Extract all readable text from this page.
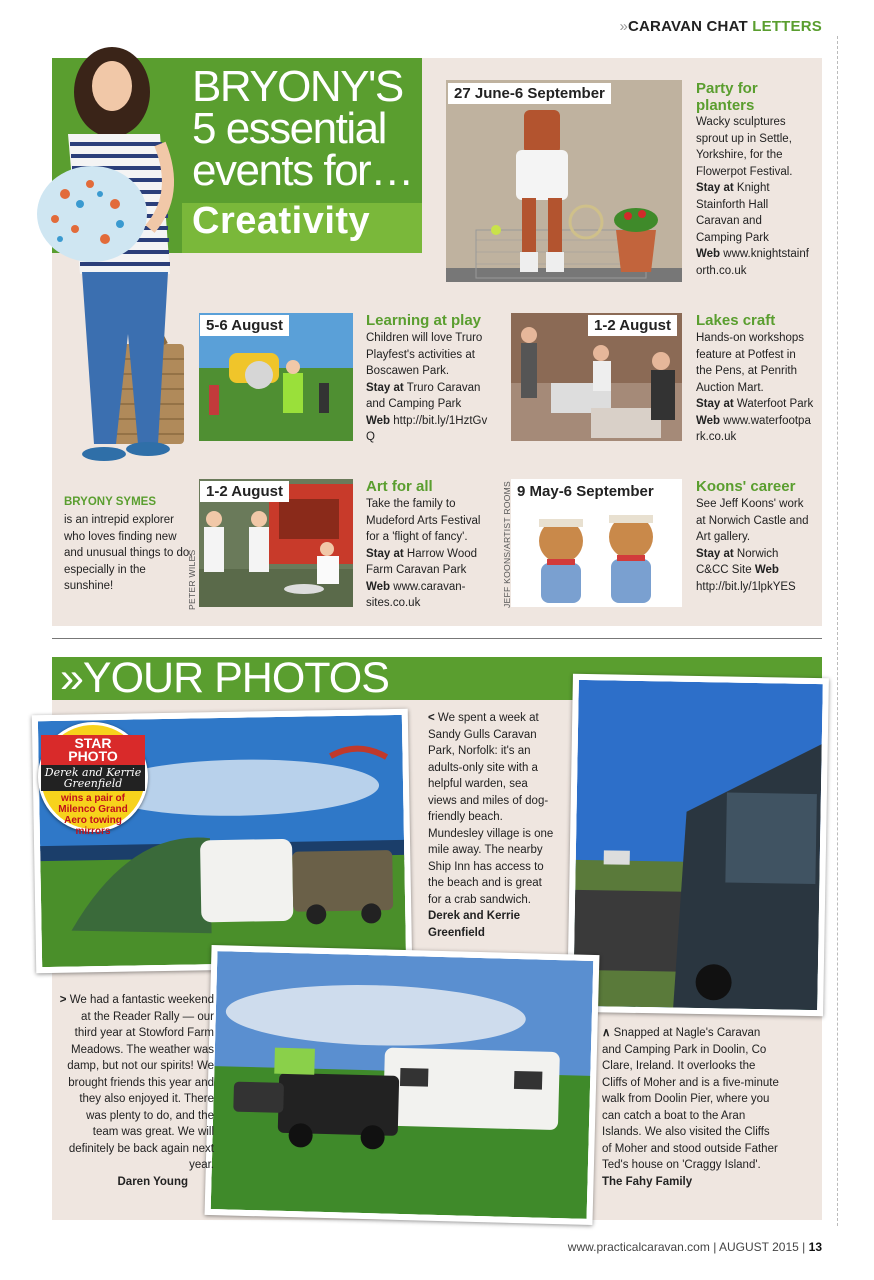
»CARAVAN CHAT LETTERS
BRYONY'S
5 essential
events for…
Creativity
27 June-6 September	Party for planters
Wacky sculptures sprout up in Settle, Yorkshire, for the Flowerpot Festival.
Stay at Knight Stainforth Hall Caravan and Camping Park
Web www.knightstainforth.co.uk
5-6 August	Learning at play
Children will love Truro Playfest's activities at Boscawen Park.
Stay at Truro Caravan and Camping Park
Web http://bit.ly/1HztGvQ
1-2 August	Lakes craft
Hands-on workshops feature at Potfest in the Pens, at Penrith Auction Mart.
Stay at Waterfoot Park Web www.waterfootpark.co.uk
1-2 August
PETER WILES
Art for all
Take the family to Mudeford Arts Festival for a 'flight of fancy'.
Stay at Harrow Wood Farm Caravan Park
Web www.caravan-sites.co.uk
9 May-6 September
JEFF KOONS/ARTIST ROOMS	Koons' career
See Jeff Koons' work at Norwich Castle and Art gallery.
Stay at Norwich C&CC Site Web http://bit.ly/1lpkYES
BRYONY SYMES
is an intrepid explorer who loves finding new and unusual things to do, especially in the sunshine!
»YOUR PHOTOS
STAR
PHOTO
Derek and Kerrie Greenfield
wins a pair of Milenco Grand Aero towing mirrors
< We spent a week at Sandy Gulls Caravan Park, Norfolk: it's an adults-only site with a helpful warden, sea views and miles of dog-friendly beach. Mundesley village is one mile away. The nearby Ship Inn has access to the beach and is great for a crab sandwich.
Derek and Kerrie Greenfield
> We had a fantastic weekend at the Reader Rally — our third year at Stowford Farm Meadows. The weather was damp, but not our spirits! We brought friends this year and they also enjoyed it. There was plenty to do, and the team was great. We will definitely be back again next year.
Daren Young
∧ Snapped at Nagle's Caravan and Camping Park in Doolin, Co Clare, Ireland. It overlooks the Cliffs of Moher and is a five-minute walk from Doolin Pier, where you can catch a boat to the Aran Islands. We also visited the Cliffs of Moher and stood outside Father Ted's house on 'Craggy Island'.
The Fahy Family
www.practicalcaravan.com | AUGUST 2015 | 13
